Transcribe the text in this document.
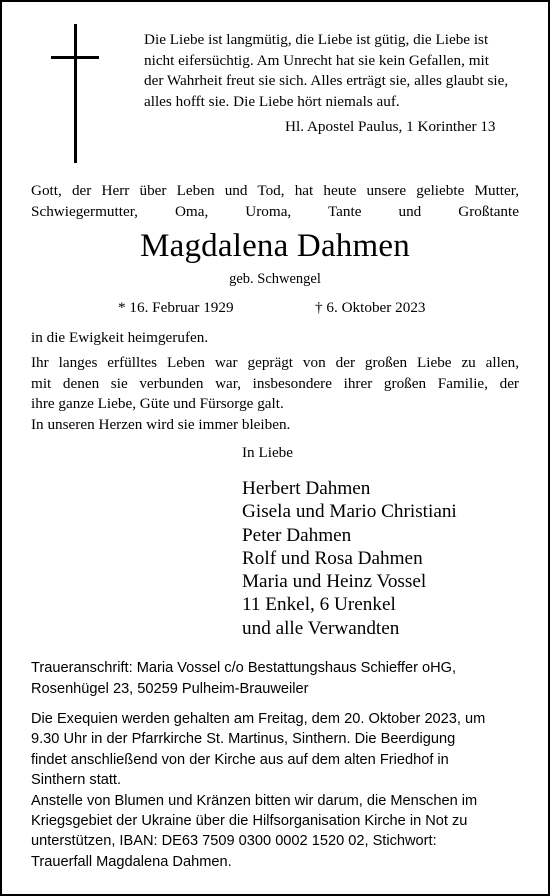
Die Liebe ist langmütig, die Liebe ist gütig, die Liebe ist
nicht eifersüchtig. Am Unrecht hat sie kein Gefallen, mit
der Wahrheit freut sie sich. Alles erträgt sie, alles glaubt sie,
alles hofft sie. Die Liebe hört niemals auf.
Hl. Apostel Paulus, 1 Korinther 13
Gott, der Herr über Leben und Tod, hat heute unsere geliebte Mutter,
Schwiegermutter, Oma, Uroma, Tante und Großtante
Magdalena Dahmen
geb. Schwengel
* 16. Februar 1929	† 6. Oktober 2023
in die Ewigkeit heimgerufen.
Ihr langes erfülltes Leben war geprägt von der großen Liebe zu allen,
mit denen sie verbunden war, insbesondere ihrer großen Familie, der
ihre ganze Liebe, Güte und Fürsorge galt.
In unseren Herzen wird sie immer bleiben.
In Liebe
Herbert Dahmen
Gisela und Mario Christiani
Peter Dahmen
Rolf und Rosa Dahmen
Maria und Heinz Vossel
11 Enkel, 6 Urenkel
und alle Verwandten
Traueranschrift: Maria Vossel c/o Bestattungshaus Schieffer oHG,
Rosenhügel 23, 50259 Pulheim-Brauweiler
Die Exequien werden gehalten am Freitag, dem 20. Oktober 2023, um
9.30 Uhr in der Pfarrkirche St. Martinus, Sinthern. Die Beerdigung
findet anschließend von der Kirche aus auf dem alten Friedhof in
Sinthern statt.
Anstelle von Blumen und Kränzen bitten wir darum, die Menschen im
Kriegsgebiet der Ukraine über die Hilfsorganisation Kirche in Not zu
unterstützen, IBAN: DE63 7509 0300 0002 1520 02, Stichwort:
Trauerfall Magdalena Dahmen.
